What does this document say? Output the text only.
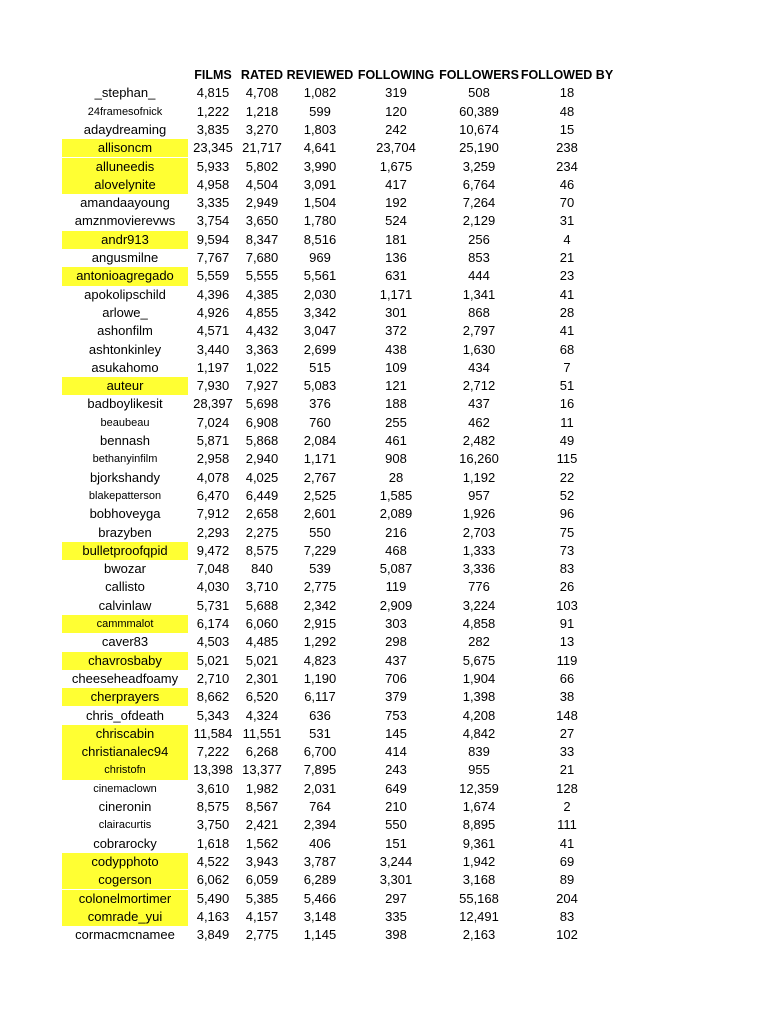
FILMS RATED REVIEWED FOLLOWING FOLLOWERS FOLLOWED BY
_stephan_	4,815	4,708	1,082	319	508	18
24framesofnick	1,222	1,218	599	120	60,389	48
adaydreaming	3,835	3,270	1,803	242	10,674	15
allisoncm	23,345 21,717	4,641	23,704	25,190	238
alluneedis	5,933	5,802	3,990	1,675	3,259	234
alovelynite	4,958	4,504	3,091	417	6,764	46
amandaayoung	3,335	2,949	1,504	192	7,264	70
amznmovierevws	3,754	3,650	1,780	524	2,129	31
andr913	9,594	8,347	8,516	181	256	4
angusmilne	7,767	7,680	969	136	853	21
antonioagregado	5,559	5,555	5,561	631	444	23
apokolipschild	4,396	4,385	2,030	1,171	1,341	41
arlowe_	4,926	4,855	3,342	301	868	28
ashonfilm	4,571	4,432	3,047	372	2,797	41
ashtonkinley	3,440	3,363	2,699	438	1,630	68
asukahomo	1,197	1,022	515	109	434	7
auteur	7,930	7,927	5,083	121	2,712	51
badboylikesit	28,397 5,698	376	188	437	16
beaubeau	7,024	6,908	760	255	462	11
bennash	5,871	5,868	2,084	461	2,482	49
bethanyinfilm	2,958	2,940	1,171	908	16,260	115
bjorkshandy	4,078	4,025	2,767	28	1,192	22
blakepatterson	6,470	6,449	2,525	1,585	957	52
bobhoveyga	7,912	2,658	2,601	2,089	1,926	96
brazyben	2,293	2,275	550	216	2,703	75
bulletproofqpid	9,472	8,575	7,229	468	1,333	73
bwozar	7,048	840	539	5,087	3,336	83
callisto	4,030	3,710	2,775	119	776	26
calvinlaw	5,731	5,688	2,342	2,909	3,224	103
cammmalot	6,174	6,060	2,915	303	4,858	91
caver83	4,503	4,485	1,292	298	282	13
chavrosbaby	5,021	5,021	4,823	437	5,675	119
cheeseheadfoamy	2,710	2,301	1,190	706	1,904	66
cherprayers	8,662	6,520	6,117	379	1,398	38
chris_ofdeath	5,343	4,324	636	753	4,208	148
chriscabin	11,584 11,551	531	145	4,842	27
christianalec94	7,222	6,268	6,700	414	839	33
christofn	13,398 13,377	7,895	243	955	21
cinemaclown	3,610	1,982	2,031	649	12,359	128
cineronin	8,575	8,567	764	210	1,674	2
clairacurtis	3,750	2,421	2,394	550	8,895	111
cobrarocky	1,618	1,562	406	151	9,361	41
codypphoto	4,522	3,943	3,787	3,244	1,942	69
cogerson	6,062	6,059	6,289	3,301	3,168	89
colonelmortimer	5,490	5,385	5,466	297	55,168	204
comrade_yui	4,163	4,157	3,148	335	12,491	83
cormacmcnamee	3,849	2,775	1,145	398	2,163	102
